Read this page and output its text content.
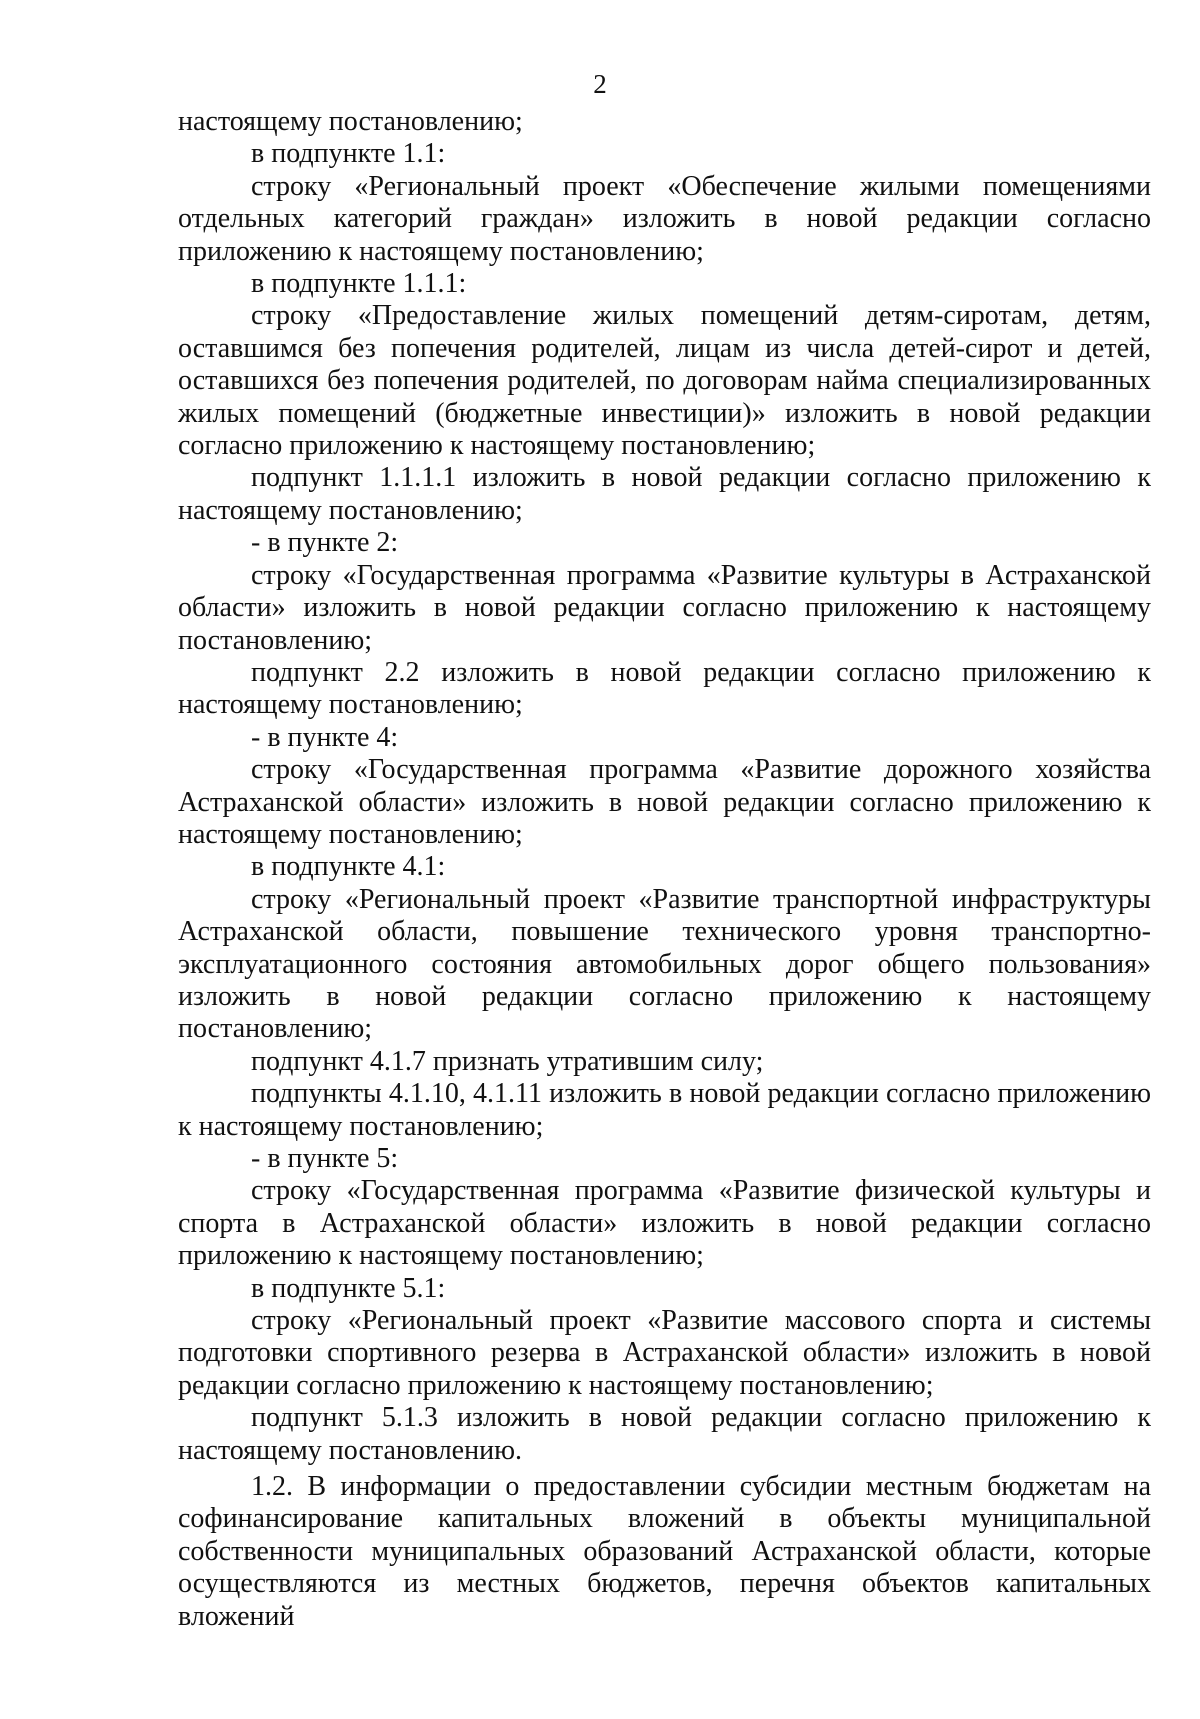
2

настоящему постановлению;

в подпункте 1.1:

строку «Региональный проект «Обеспечение жилыми помещениями отдельных категорий граждан» изложить в новой редакции согласно приложению к настоящему постановлению;

в подпункте 1.1.1:

строку «Предоставление жилых помещений детям-сиротам, детям, оставшимся без попечения родителей, лицам из числа детей-сирот и детей, оставшихся без попечения родителей, по договорам найма специализированных жилых помещений (бюджетные инвестиции)» изложить в новой редакции согласно приложению к настоящему постановлению;

подпункт 1.1.1.1 изложить в новой редакции согласно приложению к настоящему постановлению;

- в пункте 2:

строку «Государственная программа «Развитие культуры в Астраханской области» изложить в новой редакции согласно приложению к настоящему постановлению;

подпункт 2.2 изложить в новой редакции согласно приложению к настоящему постановлению;

- в пункте 4:

строку «Государственная программа «Развитие дорожного хозяйства Астраханской области» изложить в новой редакции согласно приложению к настоящему постановлению;

в подпункте 4.1:

строку «Региональный проект «Развитие транспортной инфраструктуры Астраханской области, повышение технического уровня транспортно-эксплуатационного состояния автомобильных дорог общего пользования» изложить в новой редакции согласно приложению к настоящему постановлению;

подпункт 4.1.7 признать утратившим силу;

подпункты 4.1.10, 4.1.11 изложить в новой редакции согласно приложению к настоящему постановлению;

- в пункте 5:

строку «Государственная программа «Развитие физической культуры и спорта в Астраханской области» изложить в новой редакции согласно приложению к настоящему постановлению;

в подпункте 5.1:

строку «Региональный проект «Развитие массового спорта и системы подготовки спортивного резерва в Астраханской области» изложить в новой редакции согласно приложению к настоящему постановлению;

подпункт 5.1.3 изложить в новой редакции согласно приложению к настоящему постановлению.

1.2. В информации о предоставлении субсидии местным бюджетам на софинансирование капитальных вложений в объекты муниципальной собственности муниципальных образований Астраханской области, которые осуществляются из местных бюджетов, перечня объектов капитальных вложений
